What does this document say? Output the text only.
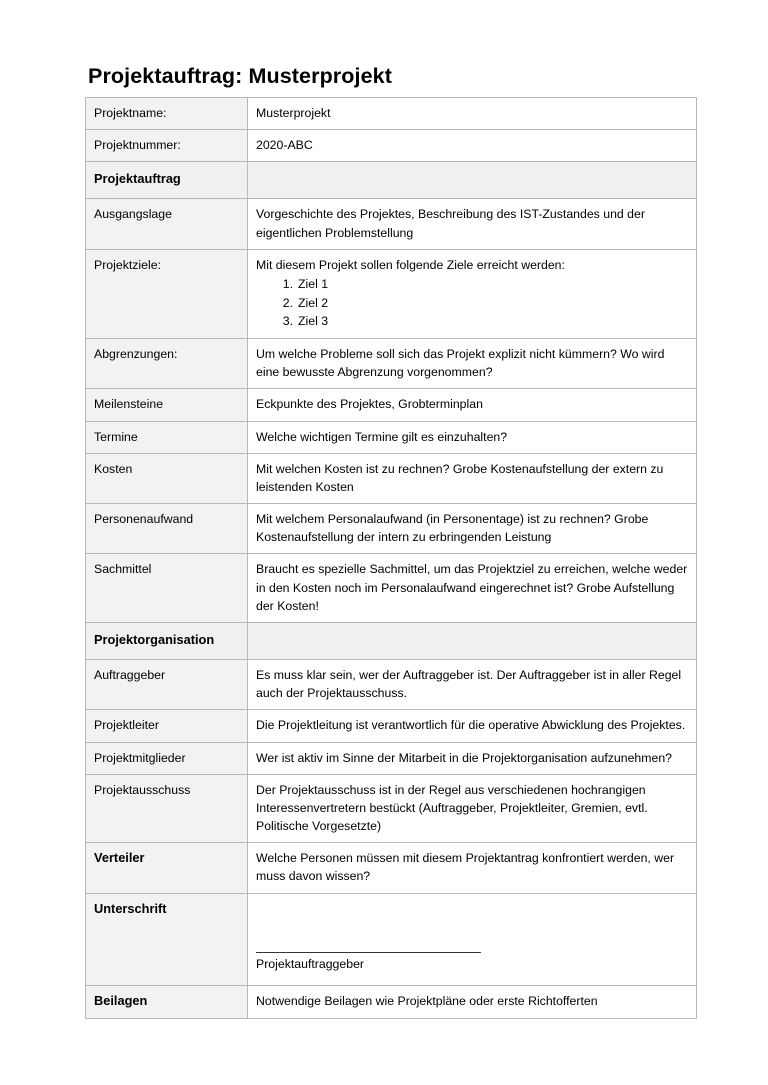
Projektauftrag: Musterprojekt
Projektname:	Musterprojekt
Projektnummer:	2020-ABC
Projektauftrag	
Ausgangslage	Vorgeschichte des Projektes, Beschreibung des IST-Zustandes und der eigentlichen Problemstellung
Projektziele:	Mit diesem Projekt sollen folgende Ziele erreicht werden:
Ziel 1
Ziel 2
Ziel 3

Abgrenzungen:	Um welche Probleme soll sich das Projekt explizit nicht kümmern? Wo wird eine bewusste Abgrenzung vorgenommen?
Meilensteine	Eckpunkte des Projektes, Grobterminplan
Termine	Welche wichtigen Termine gilt es einzuhalten?
Kosten	Mit welchen Kosten ist zu rechnen? Grobe Kostenaufstellung der extern zu leistenden Kosten
Personenaufwand	Mit welchem Personalaufwand (in Personentage) ist zu rechnen? Grobe Kostenaufstellung der intern zu erbringenden Leistung
Sachmittel	Braucht es spezielle Sachmittel, um das Projektziel zu erreichen, welche weder in den Kosten noch im Personalaufwand eingerechnet ist? Grobe Aufstellung der Kosten!
Projektorganisation	
Auftraggeber	Es muss klar sein, wer der Auftraggeber ist. Der Auftraggeber ist in aller Regel auch der Projektausschuss.
Projektleiter	Die Projektleitung ist verantwortlich für die operative Abwicklung des Projektes.
Projektmitglieder	Wer ist aktiv im Sinne der Mitarbeit in die Projektorganisation aufzunehmen?
Projektausschuss	Der Projektausschuss ist in der Regel aus verschiedenen hochrangigen Interessenvertretern bestückt (Auftraggeber, Projektleiter, Gremien, evtl. Politische Vorgesetzte)
Verteiler	Welche Personen müssen mit diesem Projektantrag konfrontiert werden, wer muss davon wissen?
Unterschrift	Projektauftraggeber

Beilagen	Notwendige Beilagen wie Projektpläne oder erste Richtofferten
